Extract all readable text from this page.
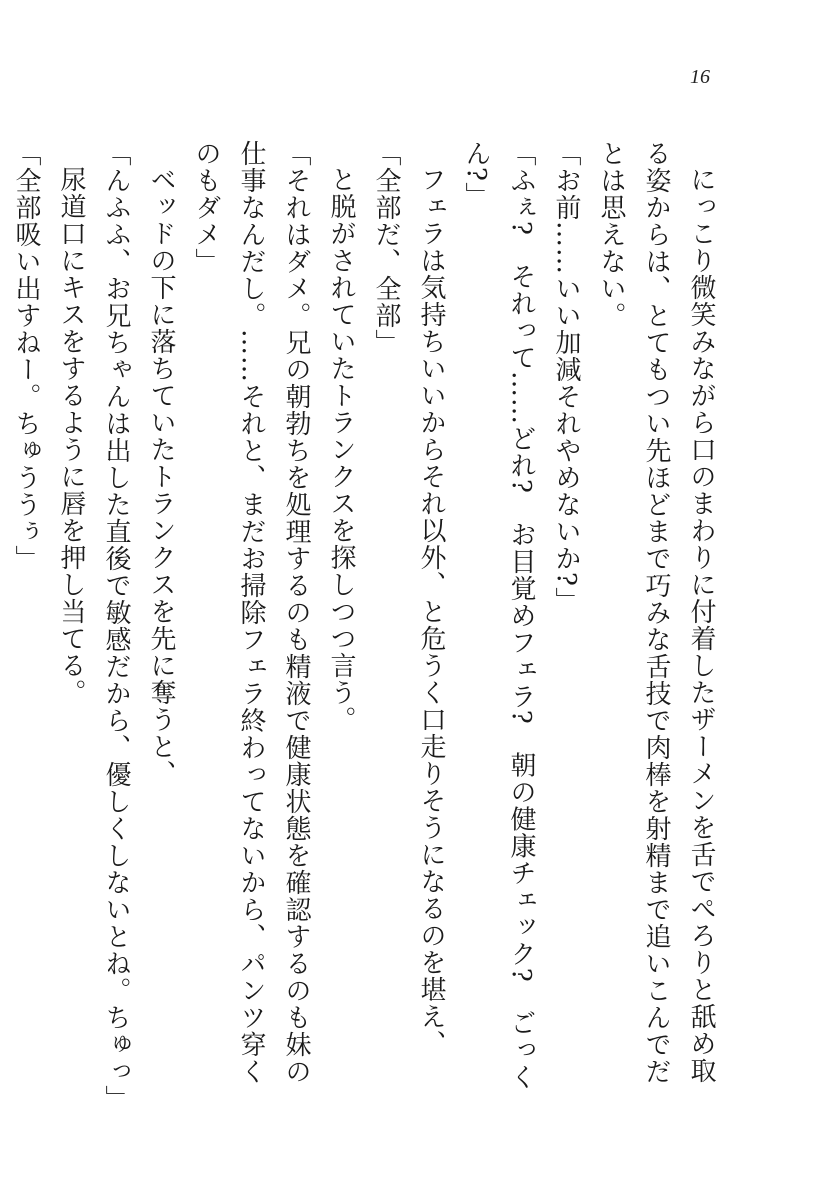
16

にっこり微笑みながら口のまわりに付着したザーメンを舌でぺろりと舐め取る姿からは、とてもつい先ほどまで巧みな舌技で肉棒を射精まで追いこんでだとは思えない。

「お前……いい加減それやめないか?」

「ふぇ?　それって……どれ?　お目覚めフェラ?　朝の健康チェック?　ごっくん?」

フェラは気持ちいいからそれ以外、と危うく口走りそうになるのを堪え、

「全部だ、全部」

と脱がされていたトランクスを探しつつ言う。

「それはダメ。兄の朝勃ちを処理するのも精液で健康状態を確認するのも妹の仕事なんだし。……それと、まだお掃除フェラ終わってないから、パンツ穿くのもダメ」

ベッドの下に落ちていたトランクスを先に奪うと、

「んふふ、お兄ちゃんは出した直後で敏感だから、優しくしないとね。ちゅっ」

尿道口にキスをするように唇を押し当てる。

「全部吸い出すねー。ちゅううぅ」
